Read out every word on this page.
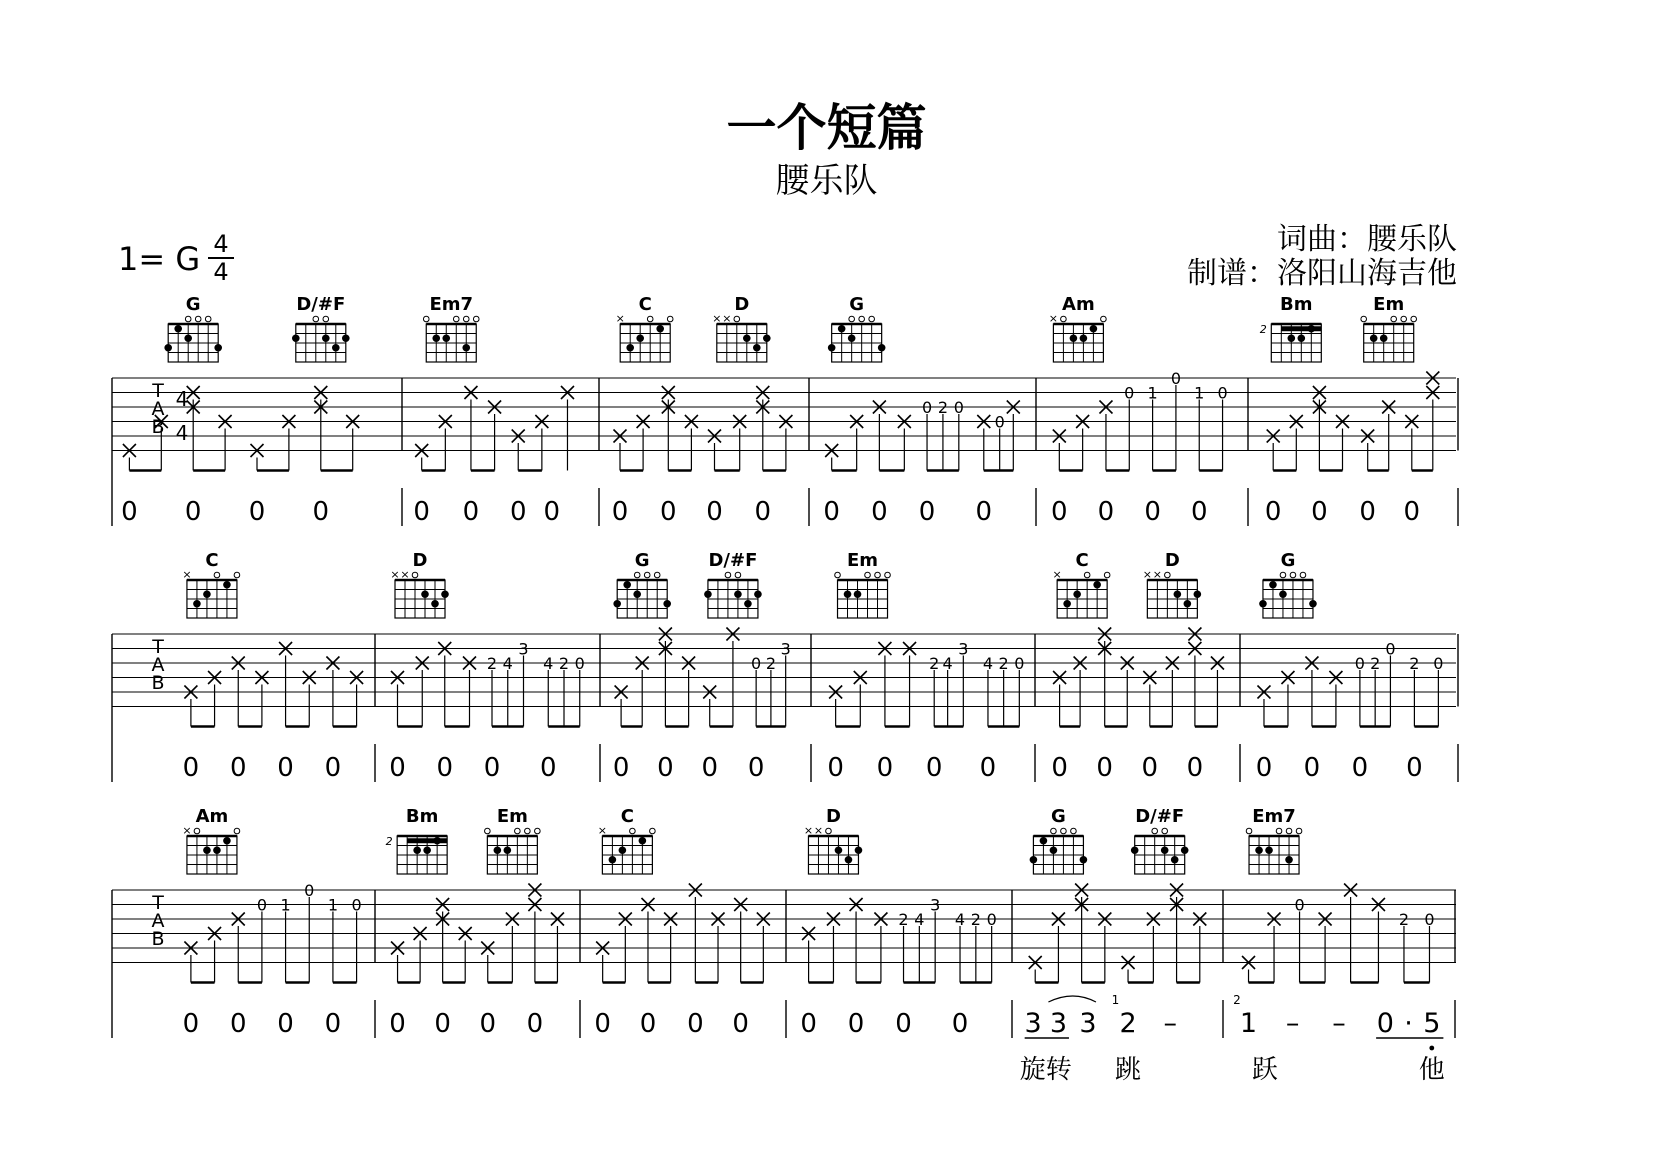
一个短篇
腰乐队
1= G 4
4
词曲：腰乐队
制谱：洛阳山海吉他
T
A
B
4
4
G	D/#F
0 0 0 0
Em7
0 0 0 0
C
×
D
× ×
0 0 0 0
G
0 2 0
0
0 0 0 0
Am
×
0 1
0
1 0
0 0 0 0
Bm
2
Em
0 0 0 0
T
A
B
C
×
0 0 0 0
D
× ×
2 4
3
4 2 0
0 0 0 0
G	D/#F
0 2
3
0 0 0 0
Em
2 4
3
4 2 0
0 0 0 0
C
×
D
× ×
0 0 0 0
G
0 2
0
2 0
0 0 0 0
T
A
B
Am
×
0 1
0
1 0
0 0 0 0
Bm
2
Em
0 0 0 0
C
×
0 0 0 0
D
× ×
2 4
3
4 2 0
0 0 0 0
G	D/#F	Em7
0
2 0
3 3 3 2 –
1
1 – – 0 · 5
2
旋转 跳	跃	他
